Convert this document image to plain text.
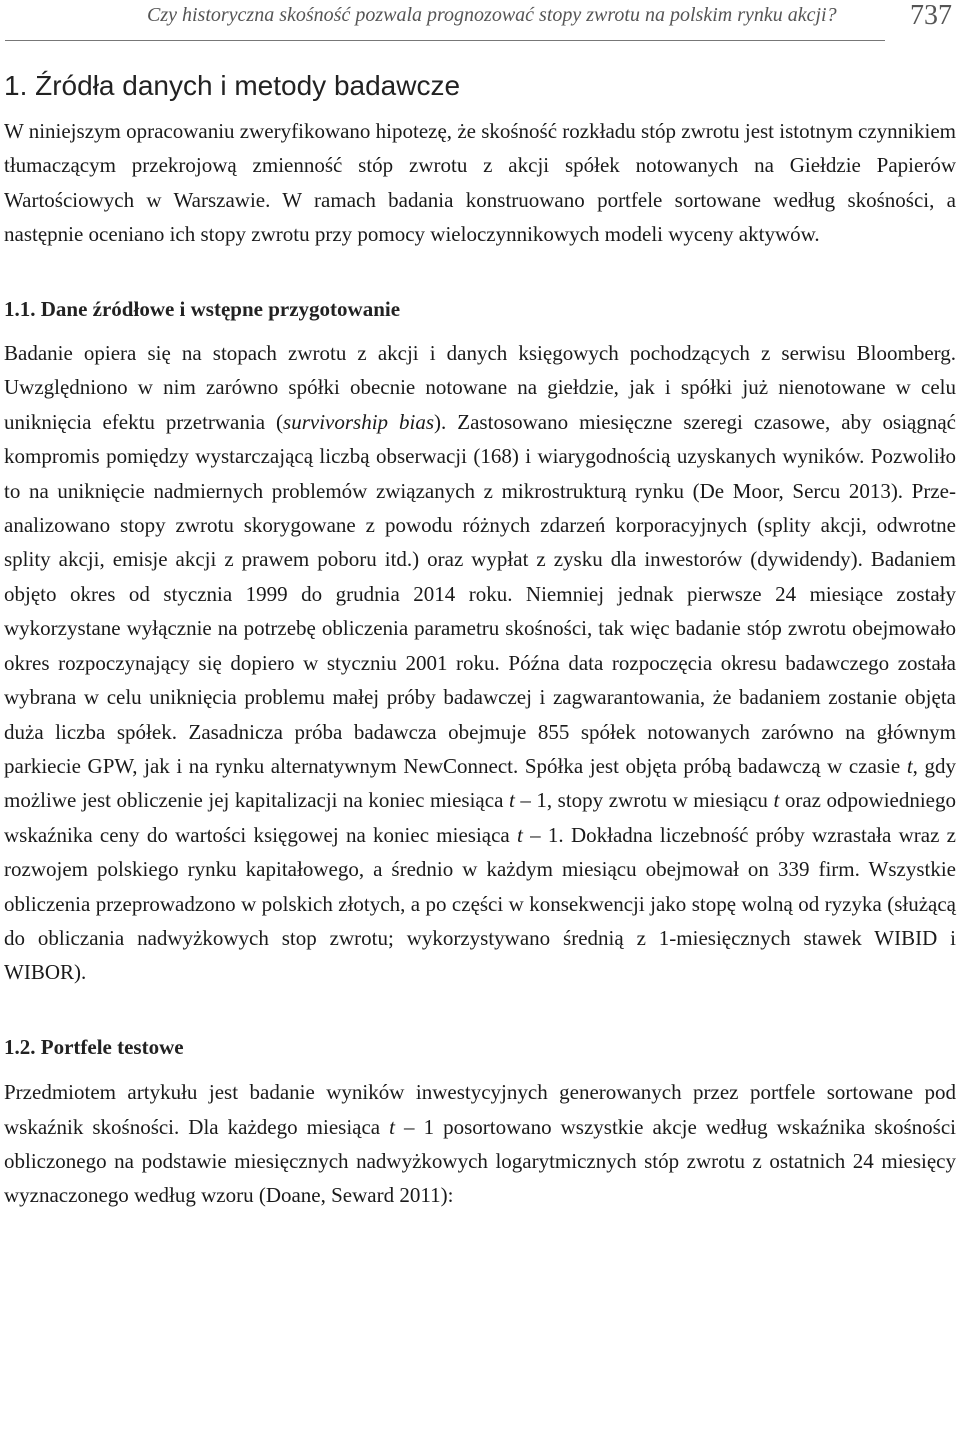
Czy historyczna skośność pozwala prognozować stopy zwrotu na polskim rynku akcji?	737
1. Źródła danych i metody badawcze

W niniejszym opracowaniu zweryfikowano hipotezę, że skośność rozkładu stóp zwrotu jest istotnym czynnikiem tłumaczącym przekrojową zmienność stóp zwrotu z akcji spółek notowanych na Giełdzie Papierów Wartościowych w Warszawie. W ramach badania konstruowano portfele sortowane według skośności, a następnie oceniano ich stopy zwrotu przy pomocy wieloczynnikowych modeli wyceny aktywów.

1.1. Dane źródłowe i wstępne przygotowanie

Badanie opiera się na stopach zwrotu z akcji i danych księgowych pochodzących z serwisu Bloomberg. Uwzględniono w nim zarówno spółki obecnie notowane na giełdzie, jak i spółki już nienotowane w celu uniknięcia efektu przetrwania (survivorship bias). Zastosowano miesięczne szeregi czasowe, aby osiągnąć kompromis pomiędzy wystarczającą liczbą obserwacji (168) i wiarygodnością uzyskanych wyników. Pozwoliło to na uniknięcie nadmiernych problemów związanych z mikrostrukturą rynku (De Moor, Sercu 2013). Przeanalizowano stopy zwrotu skorygowane z powodu różnych zdarzeń korporacyjnych (splity akcji, odwrotne splity akcji, emisje akcji z prawem poboru itd.) oraz wypłat z zysku dla inwestorów (dywidendy). Badaniem objęto okres od stycznia 1999 do grudnia 2014 roku. Niemniej jednak pierwsze 24 miesiące zostały wykorzystane wyłącznie na potrzebę obliczenia parametru skośności, tak więc badanie stóp zwrotu obejmowało okres rozpoczynający się dopiero w styczniu 2001 roku. Późna data rozpoczęcia okresu badawczego została wybrana w celu uniknięcia problemu małej próby badawczej i zagwarantowania, że badaniem zostanie objęta duża liczba spółek. Zasadnicza próba badawcza obejmuje 855 spółek notowanych zarówno na głównym parkiecie GPW, jak i na rynku alternatywnym NewConnect. Spółka jest objęta próbą badawczą w czasie t, gdy możliwe jest obliczenie jej kapitalizacji na koniec miesiąca t – 1, stopy zwrotu w miesiącu t oraz odpowiedniego wskaźnika ceny do wartości księgowej na koniec miesiąca t – 1. Dokładna liczebność próby wzrastała wraz z rozwojem polskiego rynku kapitałowego, a średnio w każdym miesiącu obejmował on 339 firm. Wszystkie obliczenia przeprowadzono w polskich złotych, a po części w konsekwencji jako stopę wolną od ryzyka (służącą do obliczania nadwyżkowych stop zwrotu; wykorzystywano średnią z 1-miesięcznych stawek WIBID i WIBOR).

1.2. Portfele testowe

Przedmiotem artykułu jest badanie wyników inwestycyjnych generowanych przez portfele sortowane pod wskaźnik skośności. Dla każdego miesiąca t – 1 posortowano wszystkie akcje według wskaźnika skośności obliczonego na podstawie miesięcznych nadwyżkowych logarytmicznych stóp zwrotu z ostatnich 24 miesięcy wyznaczonego według wzoru (Doane, Seward 2011):
